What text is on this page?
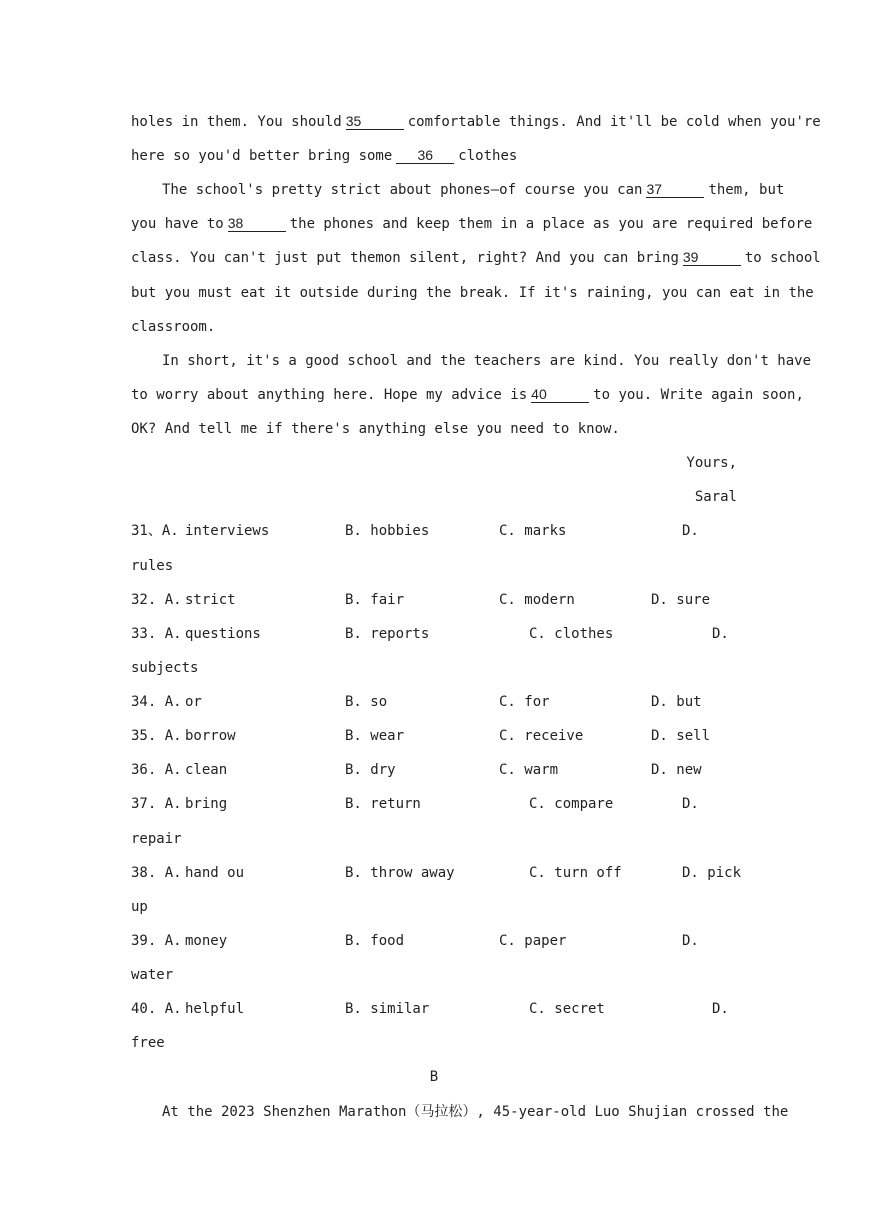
holes in them. You should 35	comfortable things. And it'll be cold when you're
here so you'd better bring some 36 clothes
The school's pretty strict about phones—of course you can 37	them, but
you have to 38	the phones and keep them in a place as you are required before
class. You can't just put themon silent, right? And you can bring 39	to school
but you must eat it outside during the break. If it's raining, you can eat in the
classroom.
In short, it's a good school and the teachers are kind. You really don't have
to worry about anything here. Hope my advice is 40	to you. Write again soon,
OK? And tell me if there's anything else you need to know.
Yours,
Saral
31、A. interviews	B. hobbies	C. marks	D.
rules
32. A. strict	B. fair	C. modern	D. sure
33. A. questions	B. reports	C. clothes	D.
subjects
34. A. or	B. so	C. for	D. but
35. A. borrow	B. wear	C. receive	D. sell
36. A. clean	B. dry	C. warm	D. new
37. A. bring	B. return	C. compare	D.
repair
38. A. hand ou	B. throw away	C. turn off	D. pick
up
39. A. money	B. food	C. paper	D.
water
40. A. helpful	B. similar	C. secret	D.
free
B
At the 2023 Shenzhen Marathon（马拉松）, 45-year-old Luo Shujian crossed the
